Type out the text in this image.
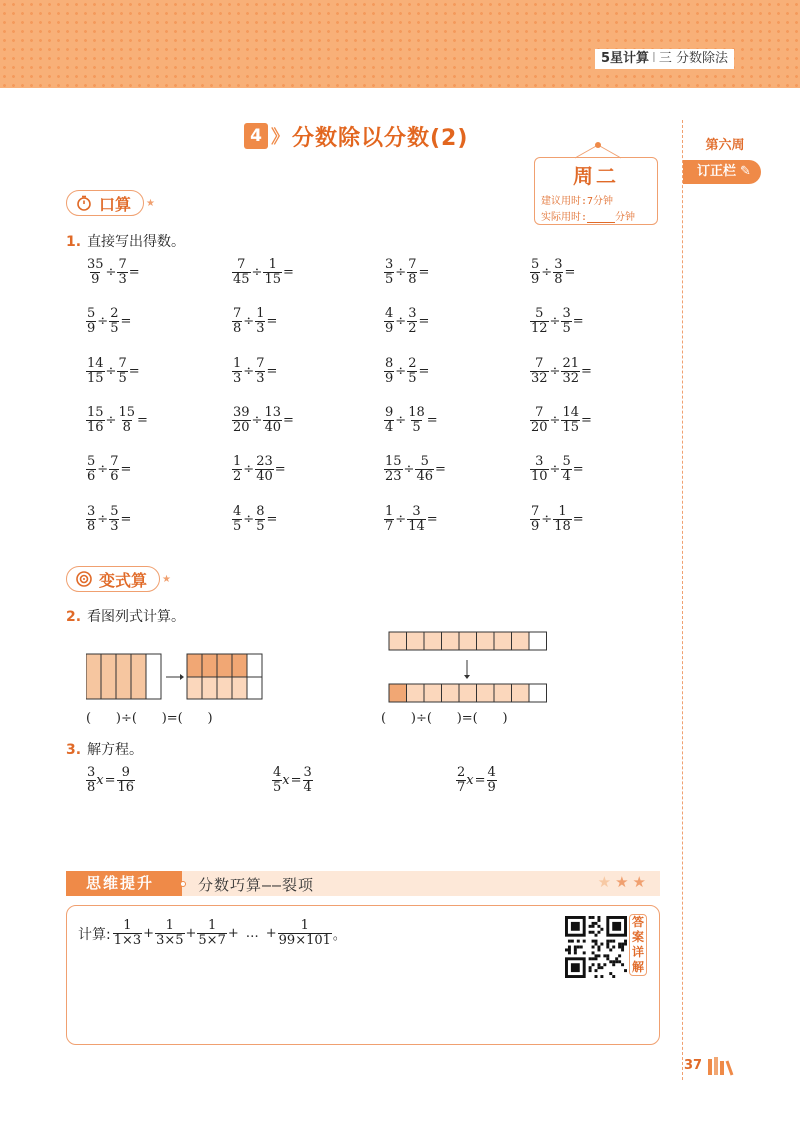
5星计算 Ⅰ 三 分数除法
第六周
订正栏 ✎
4 》 分数除以分数(2)
周二
建议用时:7分钟
实际用时:	分钟
口算 ★
1. 直接写出得数。
$\frac{35}{9} \div \frac{7}{3}$ =	$\frac{7}{45} \div \frac{1}{15}$ =	$\frac{3}{5} \div \frac{7}{8}$ =	$\frac{5}{9} \div \frac{3}{8}$ =
$\frac{5}{9} \div \frac{2}{5}$ =	$\frac{7}{8} \div \frac{1}{3}$ =	$\frac{4}{9} \div \frac{3}{2}$ =	$\frac{5}{12} \div \frac{3}{5}$ =
$\frac{14}{15} \div \frac{7}{5}$ =	$\frac{1}{3} \div \frac{7}{3}$ =	$\frac{8}{9} \div \frac{2}{5}$ =	$\frac{7}{32} \div \frac{21}{32}$ =
$\frac{15}{16} \div \frac{15}{8}$ =	$\frac{39}{20} \div \frac{13}{40}$ =	$\frac{9}{4} \div \frac{18}{5}$ =	$\frac{7}{20} \div \frac{14}{15}$ =
$\frac{5}{6} \div \frac{7}{6}$ =	$\frac{1}{2} \div \frac{23}{40}$ =	$\frac{15}{23} \div \frac{5}{46}$ =	$\frac{3}{10} \div \frac{5}{4}$ =
$\frac{3}{8} \div \frac{5}{3}$ =	$\frac{4}{5} \div \frac{8}{5}$ =	$\frac{1}{7} \div \frac{3}{14}$ =	$\frac{7}{9} \div \frac{1}{18}$ =
变式算 ★
2. 看图列式计算。
(      )÷(      )=(      )	(      )÷(      )=(      )
3. 解方程。
$\frac{3}{8}$ $x = \frac{9}{16}$	$\frac{4}{5}$ $x = \frac{3}{4}$	$\frac{2}{7}$ $x = \frac{4}{9}$
思维提升	分数巧算——裂项	★★★
计算: $\frac{1}{1\times 3} + \frac{1}{3\times 5} + \frac{1}{5\times 7}$ + … + $\frac{1}{99\times 101}$ 。
答案详解
37
